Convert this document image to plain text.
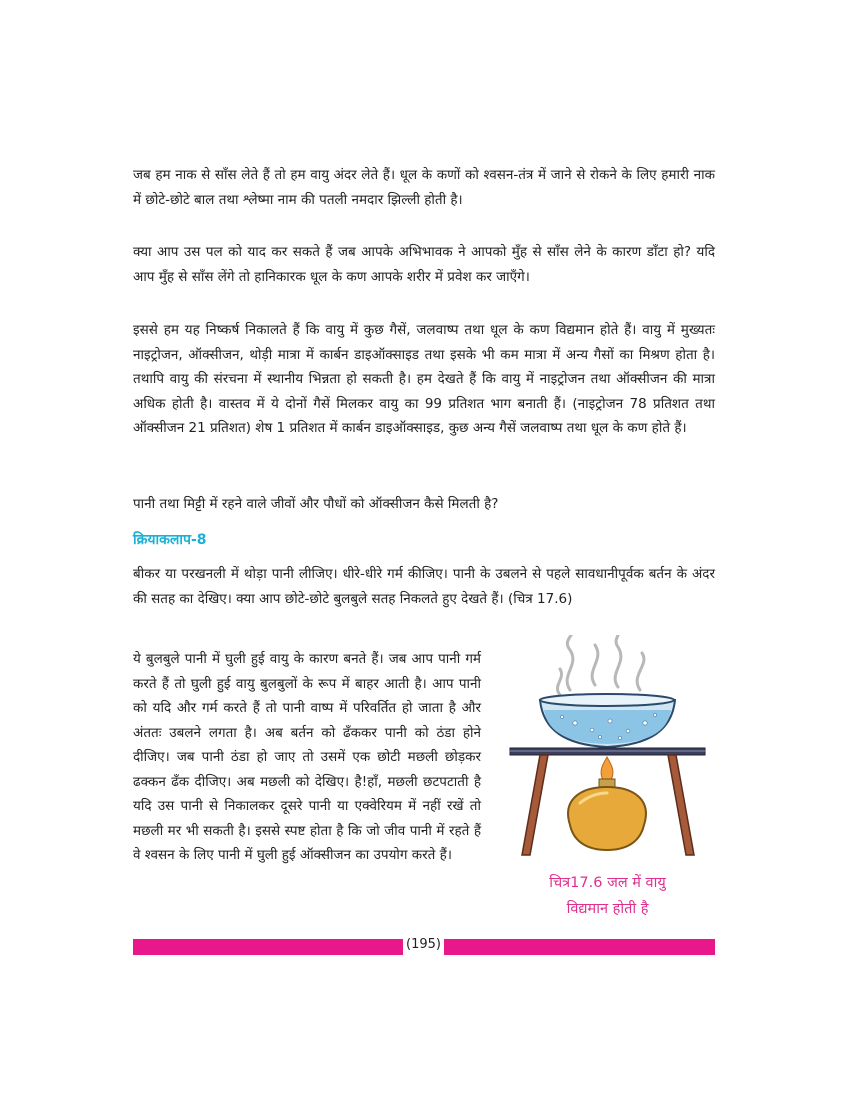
जब हम नाक से साँस लेते हैं तो हम वायु अंदर लेते हैं। धूल के कणों को श्वसन-तंत्र में जाने से रोकने के लिए हमारी नाक में छोटे-छोटे बाल तथा श्लेष्मा नाम की पतली नमदार झिल्ली होती है।

क्या आप उस पल को याद कर सकते हैं जब आपके अभिभावक ने आपको मुँह से साँस लेने के कारण डाँटा हो? यदि आप मुँह से साँस लेंगे तो हानिकारक धूल के कण आपके शरीर में प्रवेश कर जाएँगे।

इससे हम यह निष्कर्ष निकालते हैं कि वायु में कुछ गैसें, जलवाष्प तथा धूल के कण विद्यमान होते हैं। वायु में मुख्यतः नाइट्रोजन, ऑक्सीजन, थोड़ी मात्रा में कार्बन डाइऑक्साइड तथा इसके भी कम मात्रा में अन्य गैसों का मिश्रण होता है। तथापि वायु की संरचना में स्थानीय भिन्नता हो सकती है। हम देखते हैं कि वायु में नाइट्रोजन तथा ऑक्सीजन की मात्रा अधिक होती है। वास्तव में ये दोनों गैसें मिलकर वायु का 99 प्रतिशत भाग बनाती हैं। (नाइट्रोजन 78 प्रतिशत तथा ऑक्सीजन 21 प्रतिशत) शेष 1 प्रतिशत में कार्बन डाइऑक्साइड, कुछ अन्य गैसें जलवाष्प तथा धूल के कण होते हैं।

पानी तथा मिट्टी में रहने वाले जीवों और पौधों को ऑक्सीजन कैसे मिलती है?

क्रियाकलाप-8

बीकर या परखनली में थोड़ा पानी लीजिए। धीरे-धीरे गर्म कीजिए। पानी के उबलने से पहले सावधानीपूर्वक बर्तन के अंदर की सतह का देखिए। क्या आप छोटे-छोटे बुलबुले सतह निकलते हुए देखते हैं। (चित्र 17.6)

ये बुलबुले पानी में घुली हुई वायु के कारण बनते हैं। जब आप पानी गर्म करते हैं तो घुली हुई वायु बुलबुलों के रूप में बाहर आती है। आप पानी को यदि और गर्म करते हैं तो पानी वाष्प में परिवर्तित हो जाता है और अंततः उबलने लगता है। अब बर्तन को ढँककर पानी को ठंडा होने दीजिए। जब पानी ठंडा हो जाए तो उसमें एक छोटी मछली छोड़कर ढक्कन ढँक दीजिए। अब मछली को देखिए। है!हाँ, मछली छटपटाती है यदि उस पानी से निकालकर दूसरे पानी या एक्वेरियम में नहीं रखें तो मछली मर भी सकती है। इससे स्पष्ट होता है कि जो जीव पानी में रहते हैं वे श्वसन के लिए पानी में घुली हुई ऑक्सीजन का उपयोग करते हैं।

चित्र17.6 जल में वायु
विद्यमान होती है

(195)
